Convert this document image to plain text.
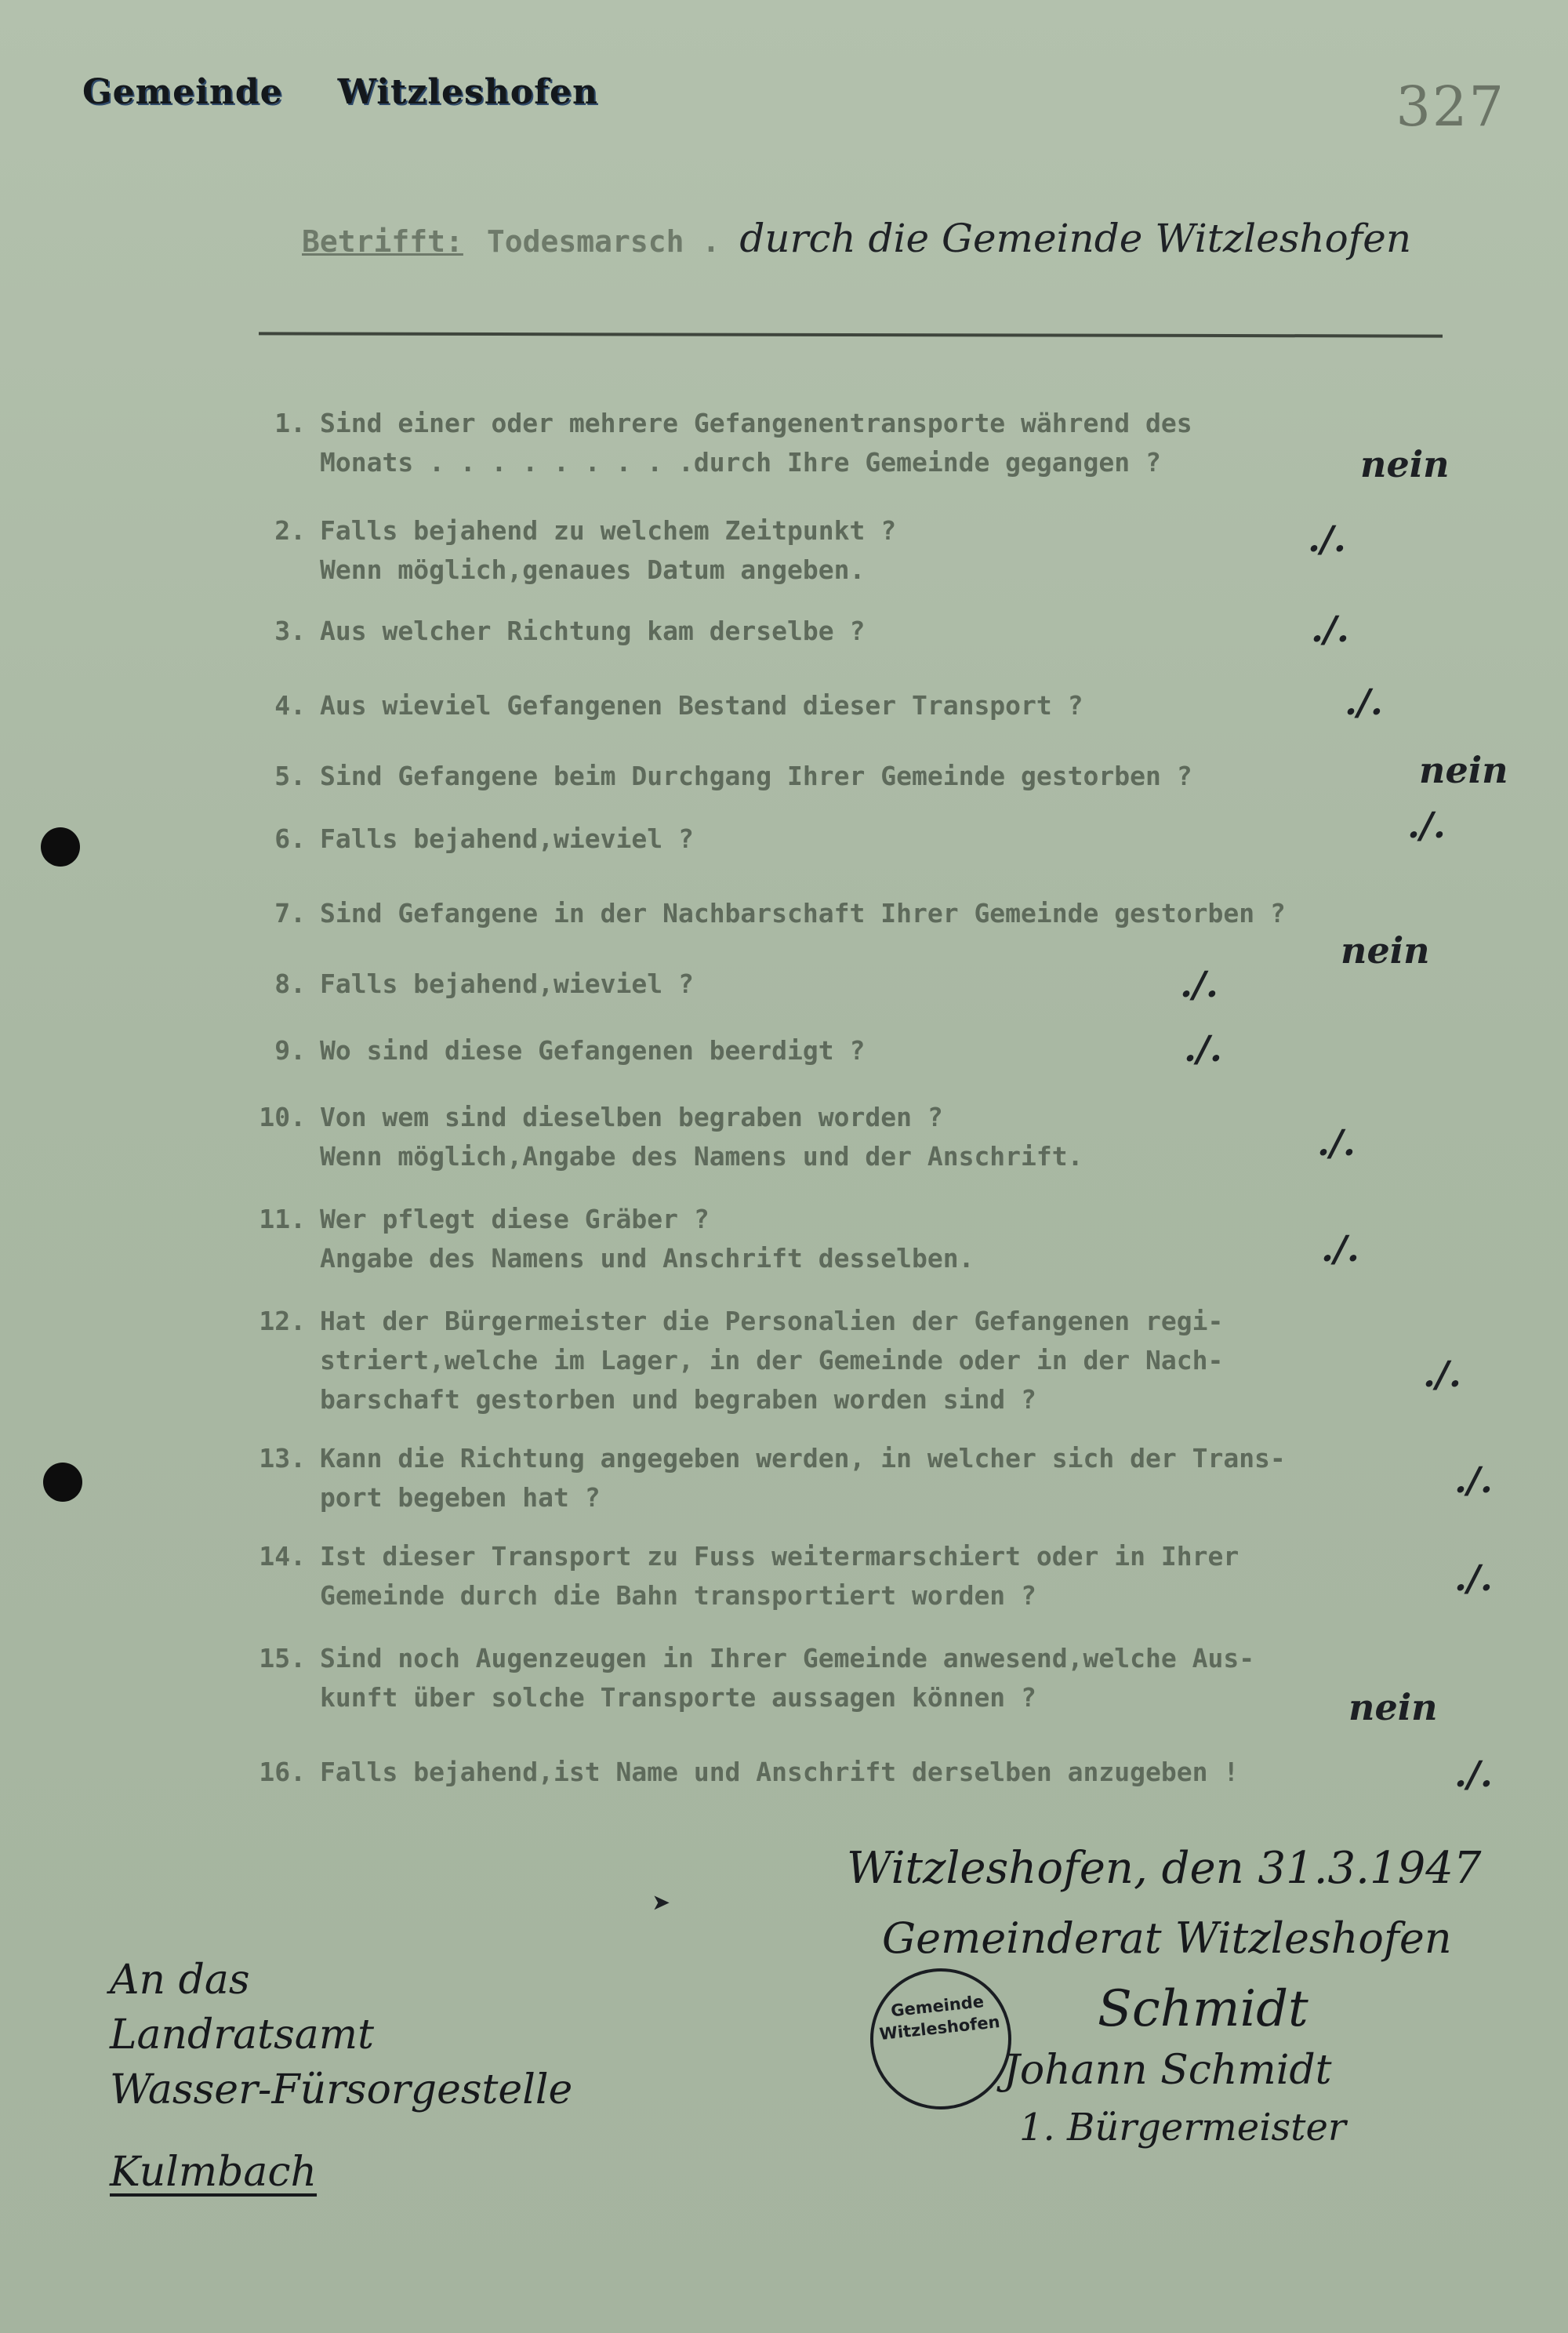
Gemeinde Witzleshofen	327
Betrifft: Todesmarsch . durch die Gemeinde Witzleshofen
1. Sind einer oder mehrere Gefangenentransporte während des
Monats . . . . . . . . .durch Ihre Gemeinde gegangen ?	nein
2. Falls bejahend zu welchem Zeitpunkt ?
Wenn möglich,genaues Datum angeben.
./.
3. Aus welcher Richtung kam derselbe ?	./.
4. Aus wieviel Gefangenen Bestand dieser Transport ?	./.
5. Sind Gefangene beim Durchgang Ihrer Gemeinde gestorben ?	nein
6. Falls bejahend,wieviel ?	./.
7. Sind Gefangene in der Nachbarschaft Ihrer Gemeinde gestorben ?
nein
8. Falls bejahend,wieviel ?	./.
9. Wo sind diese Gefangenen beerdigt ?	./.
10. Von wem sind dieselben begraben worden ?
Wenn möglich,Angabe des Namens und der Anschrift.	./.
11. Wer pflegt diese Gräber ?
Angabe des Namens und Anschrift desselben.	./.
12. Hat der Bürgermeister die Personalien der Gefangenen regi-
striert,welche im Lager, in der Gemeinde oder in der Nach-
barschaft gestorben und begraben worden sind ?
./.
13. Kann die Richtung angegeben werden, in welcher sich der Trans-
port begeben hat ?	./.
14. Ist dieser Transport zu Fuss weitermarschiert oder in Ihrer
Gemeinde durch die Bahn transportiert worden ?	./.
15. Sind noch Augenzeugen in Ihrer Gemeinde anwesend,welche Aus-
kunft über solche Transporte aussagen können ?	nein
16. Falls bejahend,ist Name und Anschrift derselben anzugeben !	./.
➤
Witzleshofen, den 31.3.1947
Gemeinderat Witzleshofen
Gemeinde
Witzleshofen Schmidt
Johann Schmidt
1. Bürgermeister
An das
Landratsamt
Wasser-Fürsorgestelle
Kulmbach
